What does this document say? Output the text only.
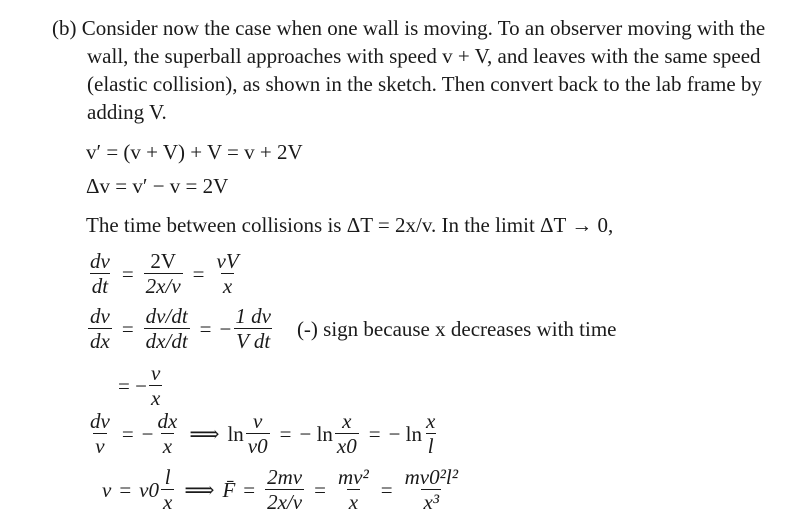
(b) Consider now the case when one wall is moving. To an observer moving with the wall, the superball approaches with speed v + V, and leaves with the same speed (elastic collision), as shown in the sketch. Then convert back to the lab frame by adding V.
v′ = (v + V) + V = v + 2V
Δv = v′ − v = 2V
The time between collisions is ΔT = 2x/v. In the limit ΔT → 0,
$\frac{dv}{dt} = \frac{2V}{2x/v} = \frac{vV}{x}$
$\frac{dv}{dx} = \frac{dv/dt}{dx/dt}$ = − $\frac{1 dv}{\text{V dt}}$ (-) sign because x decreases with time
= − $\frac{v}{x}$
$\frac{dv}{v}$ = − $\frac{dx}{x}$ ⟹ $\ln \frac{v}{v0}$ = − $\ln \frac{x}{x0}$ = − $\ln \frac{x}{l}$
$v = v0 \frac{l}{x}$ ⟹ F̄ = $\frac{2mv}{2x/v} = \frac{\text{mv²}}{x} = \frac{\text{mv0²l²}}{\text{x³}}$
